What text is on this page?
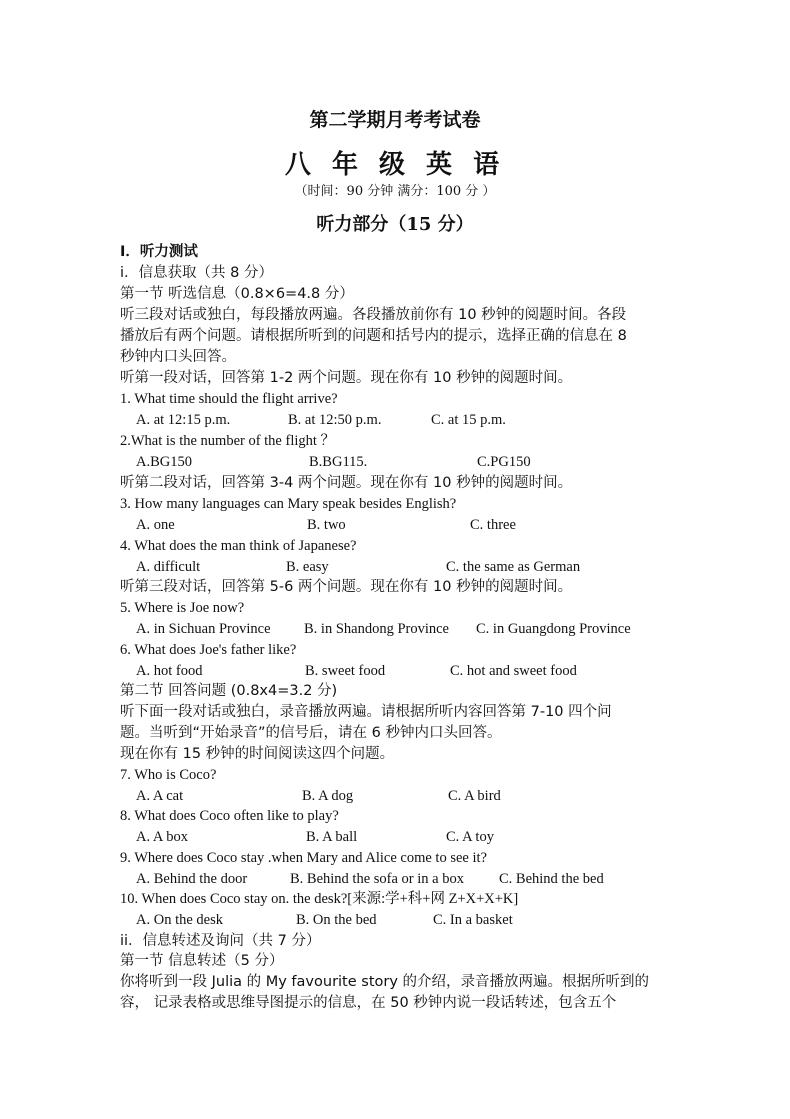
第二学期月考考试卷
八 年 级 英 语
（时间：90 分钟 满分：100 分 ）
听力部分（15 分）
I．听力测试
i．信息获取（共 8 分）
第一节 听选信息（0.8×6=4.8 分）
听三段对话或独白，每段播放两遍。各段播放前你有 10 秒钟的阅题时间。各段
播放后有两个问题。请根据所听到的问题和括号内的提示，选择正确的信息在 8
秒钟内口头回答。
听第一段对话，回答第 1-2 两个问题。现在你有 10 秒钟的阅题时间。
1. What time should the flight arrive?
A. at 12:15 p.m.	B. at 12:50 p.m.	C. at 15 p.m.
2.What is the number of the flight ？
A.BG150	B.BG115.	C.PG150
听第二段对话，回答第 3-4 两个问题。现在你有 10 秒钟的阅题时间。
3. How many languages can Mary speak besides English?
A. one	B. two	C. three
4. What does the man think of Japanese?
A. difficult	B. easy	C. the same as German
听第三段对话，回答第 5-6 两个问题。现在你有 10 秒钟的阅题时间。
5. Where is Joe now?
A. in Sichuan Province B. in Shandong Province C. in Guangdong Province
6. What does Joe's father like?
A. hot food	B. sweet food	C. hot and sweet food
第二节 回答问题 (0.8x4=3.2 分)
听下面一段对话或独白，录音播放两遍。请根据所听内容回答第 7-10 四个问
题。当听到“开始录音”的信号后，请在 6 秒钟内口头回答。
现在你有 15 秒钟的时间阅读这四个问题。
7. Who is Coco?
A. A cat	B. A dog	C. A bird
8. What does Coco often like to play?
A. A box	B. A ball	C. A toy
9. Where does Coco stay .when Mary and Alice come to see it?
A. Behind the door	B. Behind the sofa or in a box C. Behind the bed
10. When does Coco stay on. the desk?[来源:学+科+网 Z+X+X+K]
A. On the desk	B. On the bed	C. In a basket
ii．信息转述及询问（共 7 分）
第一节 信息转述（5 分）
你将听到一段 Julia 的 My favourite story 的介绍，录音播放两遍。根据所听到的
容， 记录表格或思维导图提示的信息，在 50 秒钟内说一段话转述，包含五个
